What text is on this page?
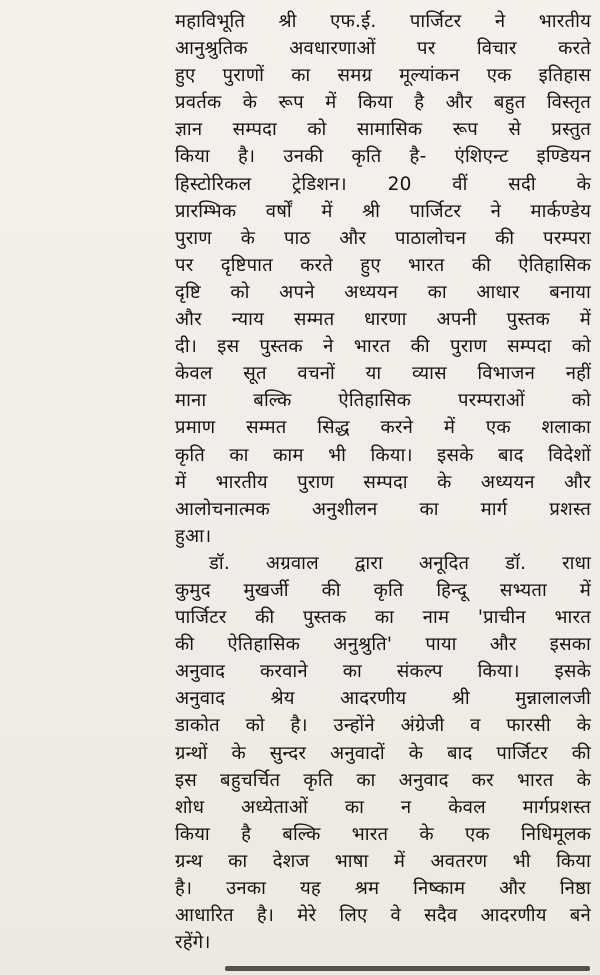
महाविभूति श्री एफ.ई. पार्जिटर ने भारतीय
आनुश्रुतिक अवधारणाओं पर विचार करते
हुए पुराणों का समग्र मूल्यांकन एक इतिहास
प्रवर्तक के रूप में किया है और बहुत विस्तृत
ज्ञान सम्पदा को सामासिक रूप से प्रस्तुत
किया है। उनकी कृति है- एंशिएन्ट इण्डियन
हिस्टोरिकल ट्रेडिशन। 20 वीं सदी के
प्रारम्भिक वर्षों में श्री पार्जिटर ने मार्कण्डेय
पुराण के पाठ और पाठालोचन की परम्परा
पर दृष्टिपात करते हुए भारत की ऐतिहासिक
दृष्टि को अपने अध्ययन का आधार बनाया
और न्याय सम्मत धारणा अपनी पुस्तक में
दी। इस पुस्तक ने भारत की पुराण सम्पदा को
केवल सूत वचनों या व्यास विभाजन नहीं
माना बल्कि ऐतिहासिक परम्पराओं को
प्रमाण सम्मत सिद्ध करने में एक शलाका
कृति का काम भी किया। इसके बाद विदेशों
में भारतीय पुराण सम्पदा के अध्ययन और
आलोचनात्मक अनुशीलन का मार्ग प्रशस्त
हुआ।
डॉ. अग्रवाल द्वारा अनूदित डॉ. राधा
कुमुद मुखर्जी की कृति हिन्दू सभ्यता में
पार्जिटर की पुस्तक का नाम 'प्राचीन भारत
की ऐतिहासिक अनुश्रुति' पाया और इसका
अनुवाद करवाने का संकल्प किया। इसके
अनुवाद श्रेय आदरणीय श्री मुन्नालालजी
डाकोत को है। उन्होंने अंग्रेजी व फारसी के
ग्रन्थों के सुन्दर अनुवादों के बाद पार्जिटर की
इस बहुचर्चित कृति का अनुवाद कर भारत के
शोध अध्येताओं का न केवल मार्गप्रशस्त
किया है बल्कि भारत के एक निधिमूलक
ग्रन्थ का देशज भाषा में अवतरण भी किया
है। उनका यह श्रम निष्काम और निष्ठा
आधारित है। मेरे लिए वे सदैव आदरणीय बने
रहेंगे।
